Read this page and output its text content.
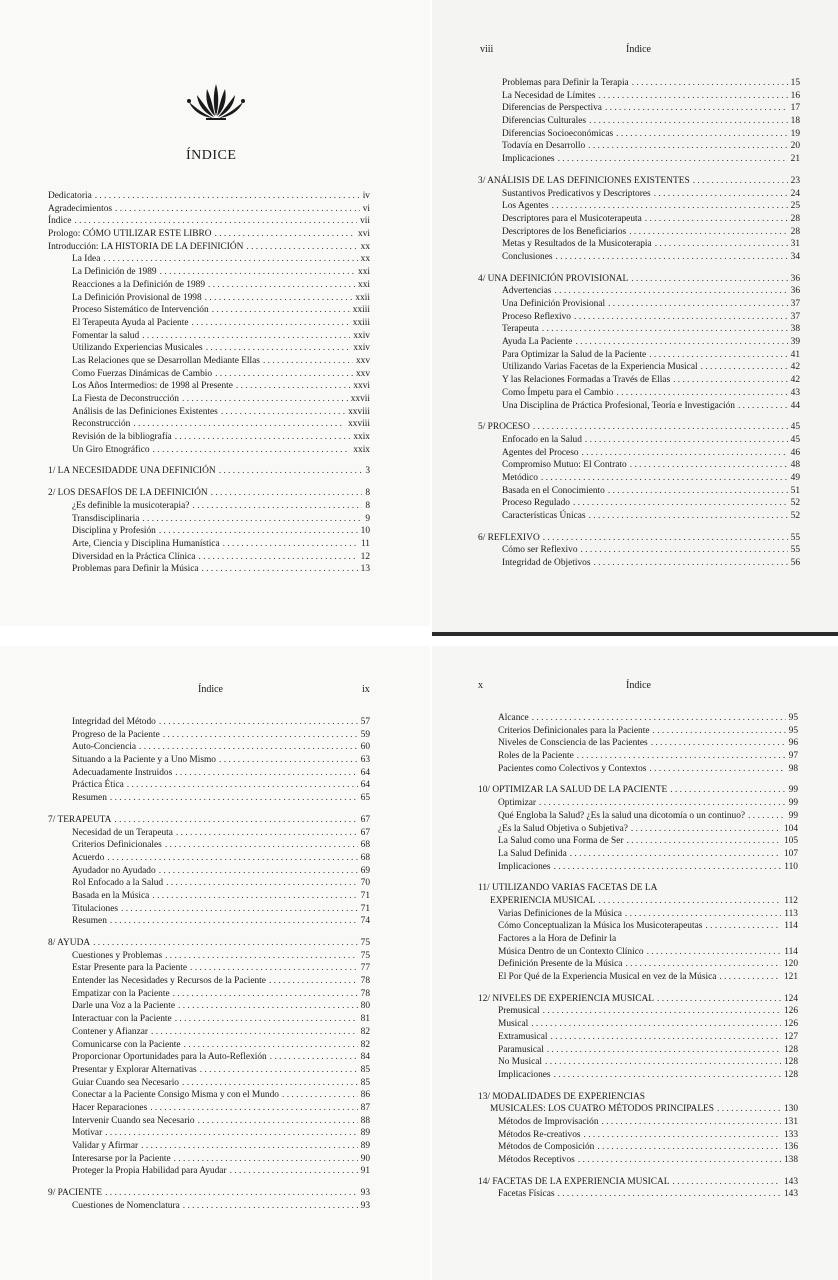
ÍNDICE
Dedicatoria . . .	iv
Agradecimientos . . .	vi
Índice . . .	vii
Prologo: CÓMO UTILIZAR ESTE LIBRO . . .	xvi
Introducción: LA HISTORIA DE LA DEFINICIÓN . . .	xx
La Idea . . .	xx
La Definición de 1989 . . .	xxi
Reacciones a la Definición de 1989 . . .	xxi
La Definición Provisional de 1998 . . .	xxii
Proceso Sistemático de Intervención . . .	xxiii
El Terapeuta Ayuda al Paciente . . .	xxiii
Fomentar la salud . . .	xxiv
Utilizando Experiencias Musicales . . .	xxiv
Las Relaciones que se Desarrollan Mediante Ellas . . .	xxv
Como Fuerzas Dinámicas de Cambio . . .	xxv
Los Años Intermedios: de 1998 al Presente . . .	xxvi
La Fiesta de Deconstrucción . . .	xxvii
Análisis de las Definiciones Existentes . . .	xxviii
Reconstrucción . . .	xxviii
Revisión de la bibliografía . . .	xxix
Un Giro Etnográfico . . .	xxix
1/ LA NECESIDADDE UNA DEFINICIÓN . . .	3
2/ LOS DESAFÍOS DE LA DEFINICIÓN . . .	8
¿Es definible la musicoterapia? . . .	8
Transdisciplinaria . . .	9
Disciplina y Profesión . . .	10
Arte, Ciencia y Disciplina Humanística . . .	11
Diversidad en la Práctica Clínica . . .	12
Problemas para Definir la Música . . .	13
viii	Índice
Problemas para Definir la Terapia . . .	15
La Necesidad de Límites . . .	16
Diferencias de Perspectiva . . .	17
Diferencias Culturales . . .	18
Diferencias Socioeconómicas . . .	19
Todavía en Desarrollo . . .	20
Implicaciones . . .	21
3/ ANÁLISIS DE LAS DEFINICIONES EXISTENTES . . .	23
Sustantivos Predicativos y Descriptores . . .	24
Los Agentes . . .	25
Descriptores para el Musicoterapeuta . . .	28
Descriptores de los Beneficiarios . . .	28
Metas y Resultados de la Musicoterapia . . .	31
Conclusiones . . .	34
4/ UNA DEFINICIÓN PROVISIONAL . . .	36
Advertencias . . .	36
Una Definición Provisional . . .	37
Proceso Reflexivo . . .	37
Terapeuta . . .	38
Ayuda La Paciente . . .	39
Para Optimizar la Salud de la Paciente . . .	41
Utilizando Varias Facetas de la Experiencia Musical . . .	42
Y las Relaciones Formadas a Través de Ellas . . .	42
Como Ímpetu para el Cambio . . .	43
Una Disciplina de Práctica Profesional, Teoría e Investigación . . .	44
5/ PROCESO . . .	45
Enfocado en la Salud . . .	45
Agentes del Proceso . . .	46
Compromiso Mutuo: El Contrato . . .	48
Metódico . . .	49
Basada en el Conocimiento . . .	51
Proceso Regulado . . .	52
Características Únicas . . .	52
6/ REFLEXIVO . . .	55
Cómo ser Reflexivo . . .	55
Integridad de Objetivos . . .	56
Índice	ix
Integridad del Método . . .	57
Progreso de la Paciente . . .	59
Auto-Conciencia . . .	60
Situando a la Paciente y a Uno Mismo . . .	63
Adecuadamente Instruidos . . .	64
Práctica Ética . . .	64
Resumen . . .	65
7/ TERAPEUTA . . .	67
Necesidad de un Terapeuta . . .	67
Criterios Definicionales . . .	68
Acuerdo . . .	68
Ayudador no Ayudado . . .	69
Rol Enfocado a la Salud . . .	70
Basada en la Música . . .	71
Titulaciones . . .	71
Resumen . . .	74
8/ AYUDA . . .	75
Cuestiones y Problemas . . .	75
Estar Presente para la Paciente . . .	77
Entender las Necesidades y Recursos de la Paciente . . .	78
Empatizar con la Paciente . . .	78
Darle una Voz a la Paciente . . .	80
Interactuar con la Paciente . . .	81
Contener y Afianzar . . .	82
Comunicarse con la Paciente . . .	82
Proporcionar Oportunidades para la Auto-Reflexión . . .	84
Presentar y Explorar Alternativas . . .	85
Guiar Cuando sea Necesario . . .	85
Conectar a la Paciente Consigo Misma y con el Mundo . . .	86
Hacer Reparaciones . . .	87
Intervenir Cuando sea Necesario . . .	88
Motivar . . .	89
Validar y Afirmar . . .	89
Interesarse por la Paciente . . .	90
Proteger la Propia Habilidad para Ayudar . . .	91
9/ PACIENTE . . .	93
Cuestiones de Nomenclatura . . .	93
x	Índice
Alcance . . .	95
Criterios Definicionales para la Paciente . . .	95
Niveles de Consciencia de las Pacientes . . .	96
Roles de la Paciente . . .	97
Pacientes como Colectivos y Contextos . . .	98
10/ OPTIMIZAR LA SALUD DE LA PACIENTE . . .	99
Optimizar . . .	99
Qué Engloba la Salud? ¿Es la salud una dicotomía o un continuo? . . .	99
¿Es la Salud Objetiva o Subjetiva? . . .	104
La Salud como una Forma de Ser . . .	105
La Salud Definida . . .	107
Implicaciones . . .	110
11/ UTILIZANDO VARIAS FACETAS DE LA
EXPERIENCIA MUSICAL . . .	112
Varias Definiciones de la Música . . .	113
Cómo Conceptualizan la Música los Musicoterapeutas . . .	114
Factores a la Hora de Definir la
Música Dentro de un Contexto Clínico . . .	114
Definición Presente de la Música . . .	120
El Por Qué de la Experiencia Musical en vez de la Música . . .	121
12/ NIVELES DE EXPERIENCIA MUSICAL . . .	124
Premusical . . .	126
Musical . . .	126
Extramusical . . .	127
Paramusical . . .	128
No Musical . . .	128
Implicaciones . . .	128
13/ MODALIDADES DE EXPERIENCIAS
MUSICALES: LOS CUATRO MÉTODOS PRINCIPALES . . .	130
Métodos de Improvisación . . .	131
Métodos Re-creativos . . .	133
Métodos de Composición . . .	136
Métodos Receptivos . . .	138
14/ FACETAS DE LA EXPERIENCIA MUSICAL . . .	143
Facetas Físicas . . .	143
